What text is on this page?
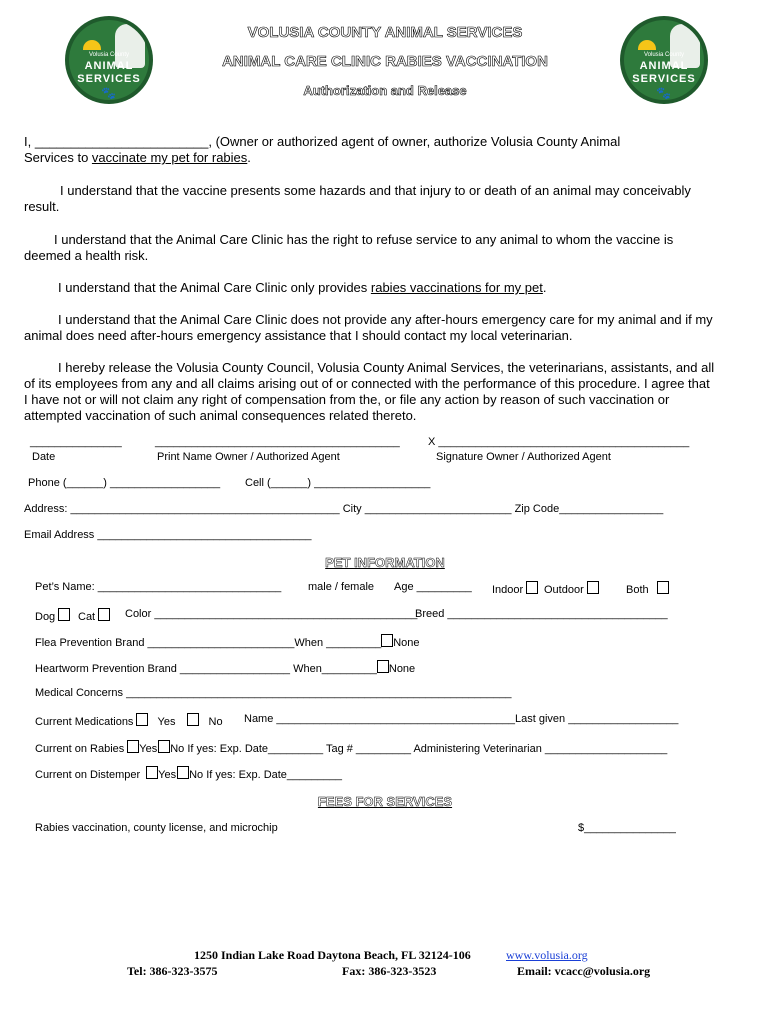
Volusia County
ANIMAL
SERVICES
🐾
Volusia County
ANIMAL
SERVICES
🐾
VOLUSIA COUNTY ANIMAL SERVICES
ANIMAL CARE CLINIC RABIES VACCINATION
Authorization and Release
I, ________________________, (Owner or authorized agent of owner, authorize Volusia County Animal
Services to vaccinate my pet for rabies.
I understand that the vaccine presents some hazards and that injury to or death of an animal may conceivably result.
I understand that the Animal Care Clinic has the right to refuse service to any animal to whom the vaccine is deemed a health risk.
I understand that the Animal Care Clinic only provides rabies vaccinations for my pet.
I understand that the Animal Care Clinic does not provide any after-hours emergency care for my animal and if my animal does need after-hours emergency assistance that I should contact my local veterinarian.
I hereby release the Volusia County Council, Volusia County Animal Services, the veterinarians, assistants, and all of its employees from any and all claims arising out of or connected with the performance of this procedure. I agree that I have not or will not claim any right of compensation from the, or file any action by reason of such vaccination or attempted vaccination of such animal consequences related thereto.
_______________
Date
________________________________________
Print Name Owner / Authorized Agent
X _________________________________________
Signature Owner / Authorized Agent
Phone (______) __________________ Cell (______) ___________________
Address: ____________________________________________ City ________________________ Zip Code_________________
Email Address ___________________________________
PET INFORMATION
Pet’s Name: ______________________________ male / female Age _________ Indoor	Outdoor	Both
Dog	Cat	Color ___________________________________________
Breed ____________________________________
Flea Prevention Brand ________________________When _________ None
Heartworm Prevention Brand __________________ When_________ None
Medical Concerns _______________________________________________________________
Current Medications Yes	No Name _______________________________________Last given __________________
Current on Rabies Yes No If yes: Exp. Date_________ Tag # _________ Administering Veterinarian ____________________
Current on Distemper Yes No If yes: Exp. Date_________
FEES FOR SERVICES
Rabies vaccination, county license, and microchip	$_______________
1250 Indian Lake Road Daytona Beach, FL 32124-106	www.volusia.org
Tel: 386-323-3575	Fax: 386-323-3523	Email: vcacc@volusia.org
